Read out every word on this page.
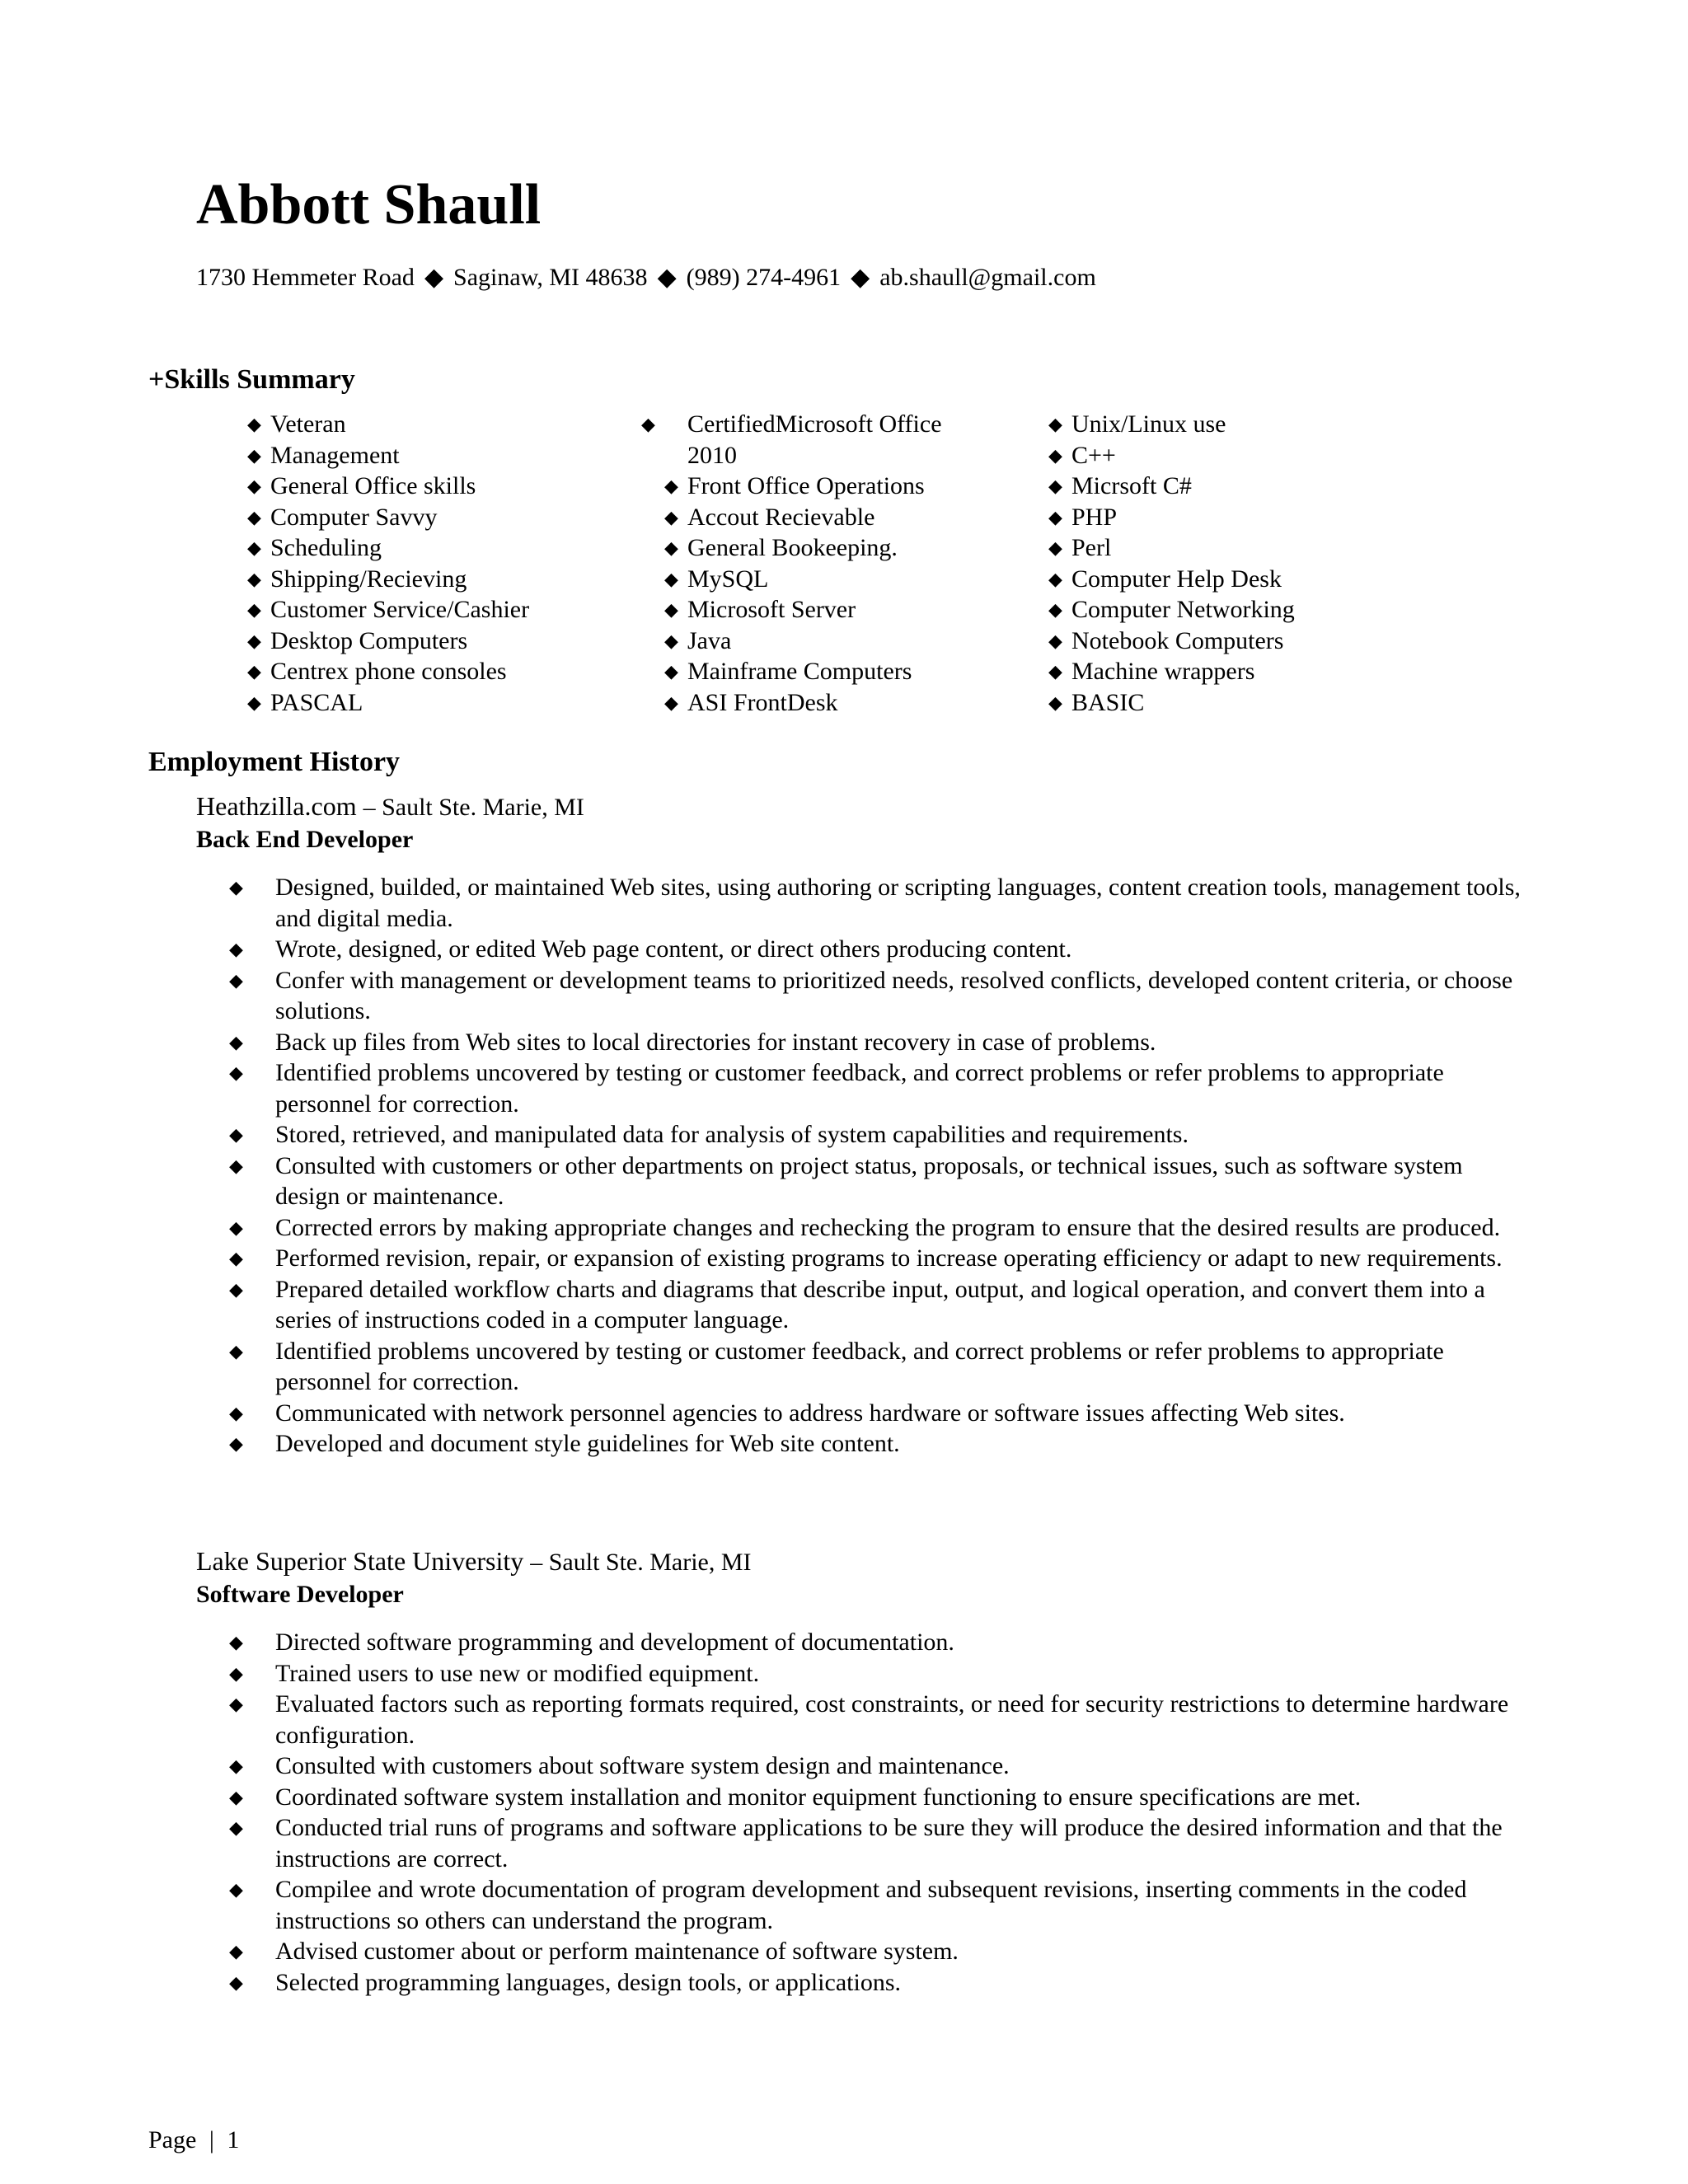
Abbott Shaull
1730 Hemmeter Road ◆ Saginaw, MI 48638 ◆ (989) 274-4961 ◆ ab.shaull@gmail.com
+Skills Summary
◆ Veteran
◆ Management
◆ General Office skills
◆ Computer Savvy
◆ Scheduling
◆ Shipping/Recieving
◆ Customer Service/Cashier
◆ Desktop Computers
◆ Centrex phone consoles
◆ PASCAL
◆ CertifiedMicrosoft Office 2010
◆ Front Office Operations
◆ Accout Recievable
◆ General Bookeeping.
◆ MySQL
◆ Microsoft Server
◆ Java
◆ Mainframe Computers
◆ ASI FrontDesk
◆ Unix/Linux use
◆ C++
◆ Micrsoft C#
◆ PHP
◆ Perl
◆ Computer Help Desk
◆ Computer Networking
◆ Notebook Computers
◆ Machine wrappers
◆ BASIC
Employment History
Heathzilla.com – Sault Ste. Marie, MI
Back End Developer
◆ Designed, builded, or maintained Web sites, using authoring or scripting languages, content creation tools, management tools, and digital media.
◆ Wrote, designed, or edited Web page content, or direct others producing content.
◆ Confer with management or development teams to prioritized needs, resolved conflicts, developed content criteria, or choose solutions.
◆ Back up files from Web sites to local directories for instant recovery in case of problems.
◆ Identified problems uncovered by testing or customer feedback, and correct problems or refer problems to appropriate personnel for correction.
◆ Stored, retrieved, and manipulated data for analysis of system capabilities and requirements.
◆ Consulted with customers or other departments on project status, proposals, or technical issues, such as software system design or maintenance.
◆ Corrected errors by making appropriate changes and rechecking the program to ensure that the desired results are produced.
◆ Performed revision, repair, or expansion of existing programs to increase operating efficiency or adapt to new requirements.
◆ Prepared detailed workflow charts and diagrams that describe input, output, and logical operation, and convert them into a series of instructions coded in a computer language.
◆ Identified problems uncovered by testing or customer feedback, and correct problems or refer problems to appropriate personnel for correction.
◆ Communicated with network personnel agencies to address hardware or software issues affecting Web sites.
◆ Developed and document style guidelines for Web site content.
Lake Superior State University – Sault Ste. Marie, MI
Software Developer
◆ Directed software programming and development of documentation.
◆ Trained users to use new or modified equipment.
◆ Evaluated factors such as reporting formats required, cost constraints, or need for security restrictions to determine hardware configuration.
◆ Consulted with customers about software system design and maintenance.
◆ Coordinated software system installation and monitor equipment functioning to ensure specifications are met.
◆ Conducted trial runs of programs and software applications to be sure they will produce the desired information and that the instructions are correct.
◆ Compilee and wrote documentation of program development and subsequent revisions, inserting comments in the coded instructions so others can understand the program.
◆ Advised customer about or perform maintenance of software system.
◆ Selected programming languages, design tools, or applications.
Page | 1
